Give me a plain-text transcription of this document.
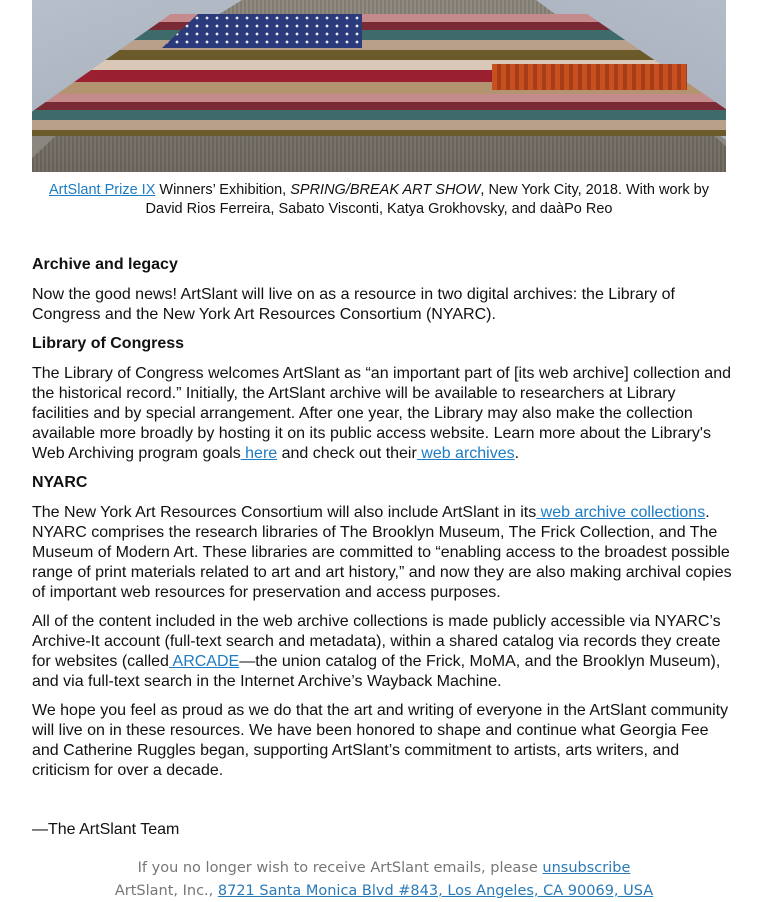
ArtSlant Prize IX Winners’ Exhibition, SPRING/BREAK ART SHOW, New York City, 2018. With work by David Rios Ferreira, Sabato Visconti, Katya Grokhovsky, and daàPo Reo
Archive and legacy
Now the good news! ArtSlant will live on as a resource in two digital archives: the Library of Congress and the New York Art Resources Consortium (NYARC).
Library of Congress
The Library of Congress welcomes ArtSlant as “an important part of [its web archive] collection and the historical record.” Initially, the ArtSlant archive will be available to researchers at Library facilities and by special arrangement. After one year, the Library may also make the collection available more broadly by hosting it on its public access website. Learn more about the Library's Web Archiving program goals here and check out their web archives.
NYARC
The New York Art Resources Consortium will also include ArtSlant in its web archive collections. NYARC comprises the research libraries of The Brooklyn Museum, The Frick Collection, and The Museum of Modern Art. These libraries are committed to “enabling access to the broadest possible range of print materials related to art and art history,” and now they are also making archival copies of important web resources for preservation and access purposes.
All of the content included in the web archive collections is made publicly accessible via NYARC’s Archive-It account (full-text search and metadata), within a shared catalog via records they create for websites (called ARCADE—the union catalog of the Frick, MoMA, and the Brooklyn Museum), and via full-text search in the Internet Archive’s Wayback Machine.
We hope you feel as proud as we do that the art and writing of everyone in the ArtSlant community will live on in these resources. We have been honored to shape and continue what Georgia Fee and Catherine Ruggles began, supporting ArtSlant’s commitment to artists, arts writers, and criticism for over a decade.
—The ArtSlant Team
If you no longer wish to receive ArtSlant emails, please unsubscribe
ArtSlant, Inc., 8721 Santa Monica Blvd #843, Los Angeles, CA 90069, USA
